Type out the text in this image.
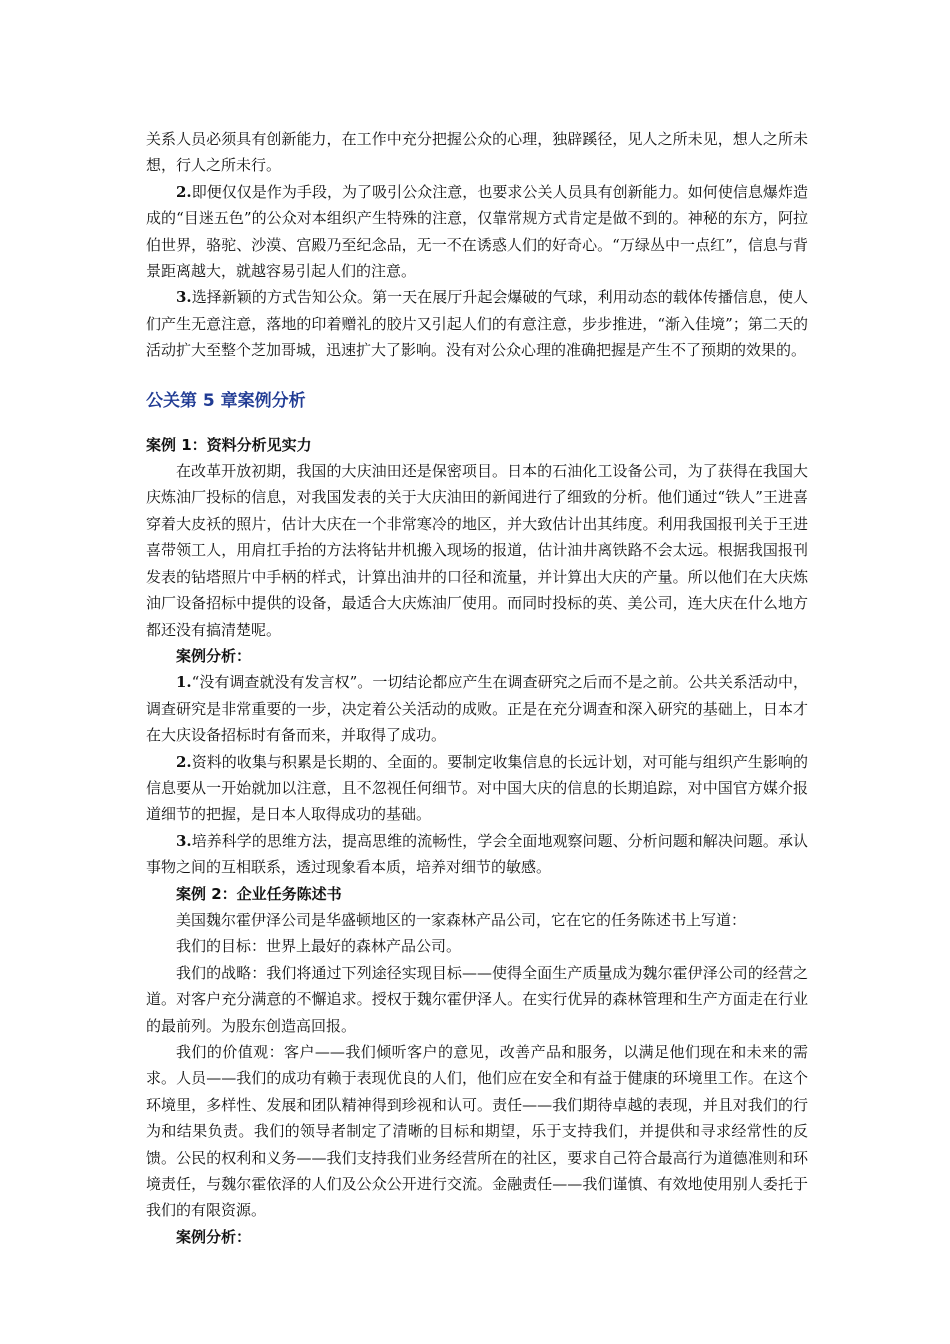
关系人员必须具有创新能力，在工作中充分把握公众的心理，独辟蹊径，见人之所未见，想人之所未想，行人之所未行。

2.即便仅仅是作为手段，为了吸引公众注意，也要求公关人员具有创新能力。如何使信息爆炸造成的“目迷五色”的公众对本组织产生特殊的注意，仅靠常规方式肯定是做不到的。神秘的东方，阿拉伯世界，骆驼、沙漠、宫殿乃至纪念品，无一不在诱惑人们的好奇心。“万绿丛中一点红”，信息与背景距离越大，就越容易引起人们的注意。

3.选择新颖的方式告知公众。第一天在展厅升起会爆破的气球，利用动态的载体传播信息，使人们产生无意注意，落地的印着赠礼的胶片又引起人们的有意注意，步步推进，“渐入佳境”；第二天的活动扩大至整个芝加哥城，迅速扩大了影响。没有对公众心理的准确把握是产生不了预期的效果的。

公关第 5 章案例分析
案例 1：资料分析见实力

在改革开放初期，我国的大庆油田还是保密项目。日本的石油化工设备公司，为了获得在我国大庆炼油厂投标的信息，对我国发表的关于大庆油田的新闻进行了细致的分析。他们通过“铁人”王进喜穿着大皮袄的照片，估计大庆在一个非常寒冷的地区，并大致估计出其纬度。利用我国报刊关于王进喜带领工人，用肩扛手抬的方法将钻井机搬入现场的报道，估计油井离铁路不会太远。根据我国报刊发表的钻塔照片中手柄的样式，计算出油井的口径和流量，并计算出大庆的产量。所以他们在大庆炼油厂设备招标中提供的设备，最适合大庆炼油厂使用。而同时投标的英、美公司，连大庆在什么地方都还没有搞清楚呢。

案例分析：

1.“没有调查就没有发言权”。一切结论都应产生在调查研究之后而不是之前。公共关系活动中，调查研究是非常重要的一步，决定着公关活动的成败。正是在充分调查和深入研究的基础上，日本才在大庆设备招标时有备而来，并取得了成功。

2.资料的收集与积累是长期的、全面的。要制定收集信息的长远计划，对可能与组织产生影响的信息要从一开始就加以注意，且不忽视任何细节。对中国大庆的信息的长期追踪，对中国官方媒介报道细节的把握，是日本人取得成功的基础。

3.培养科学的思维方法，提高思维的流畅性，学会全面地观察问题、分析问题和解决问题。承认事物之间的互相联系，透过现象看本质，培养对细节的敏感。

案例 2：企业任务陈述书

美国魏尔霍伊泽公司是华盛顿地区的一家森林产品公司，它在它的任务陈述书上写道：

我们的目标：世界上最好的森林产品公司。

我们的战略：我们将通过下列途径实现目标——使得全面生产质量成为魏尔霍伊泽公司的经营之道。对客户充分满意的不懈追求。授权于魏尔霍伊泽人。在实行优异的森林管理和生产方面走在行业的最前列。为股东创造高回报。

我们的价值观：客户——我们倾听客户的意见，改善产品和服务，以满足他们现在和未来的需求。人员——我们的成功有赖于表现优良的人们，他们应在安全和有益于健康的环境里工作。在这个环境里，多样性、发展和团队精神得到珍视和认可。责任——我们期待卓越的表现，并且对我们的行为和结果负责。我们的领导者制定了清晰的目标和期望，乐于支持我们，并提供和寻求经常性的反馈。公民的权利和义务——我们支持我们业务经营所在的社区，要求自己符合最高行为道德准则和环境责任，与魏尔霍依泽的人们及公众公开进行交流。金融责任——我们谨慎、有效地使用别人委托于我们的有限资源。

案例分析：
